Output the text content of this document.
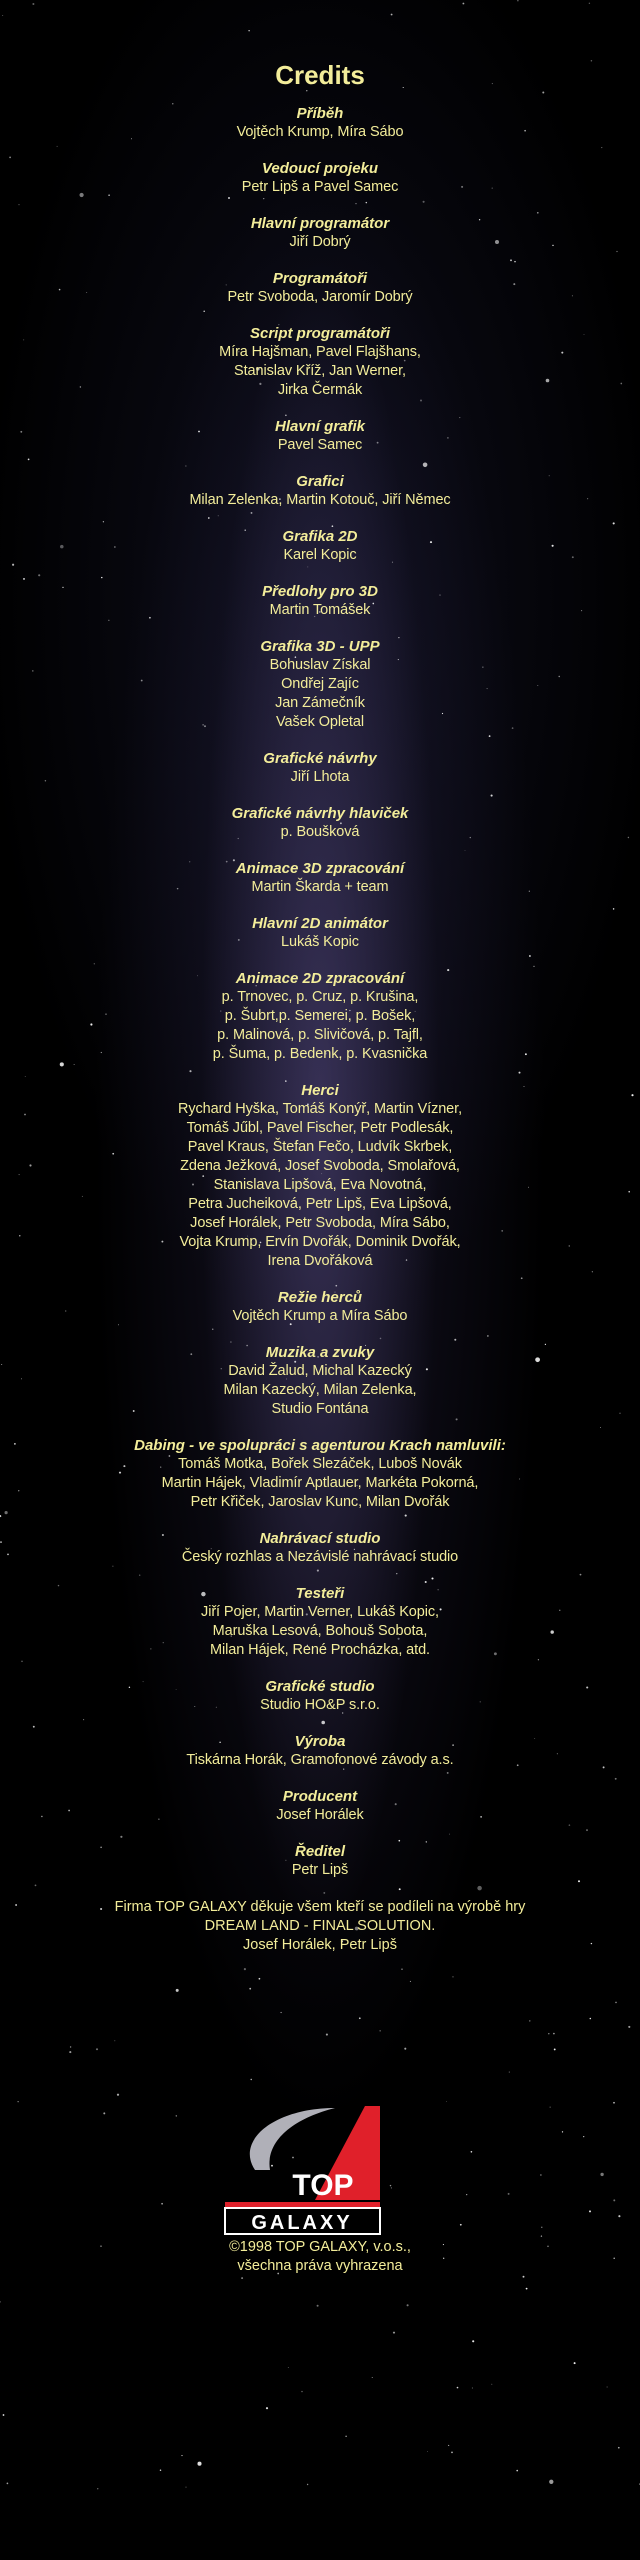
Credits
Příběh
Vojtěch Krump, Míra Sábo
Vedoucí projeku
Petr Lipš a Pavel Samec
Hlavní programátor
Jiří Dobrý
Programátoři
Petr Svoboda, Jaromír Dobrý
Script programátoři
Míra Hajšman, Pavel Flajšhans,
Stanislav Kříž, Jan Werner,
Jirka Čermák
Hlavní grafik
Pavel Samec
Grafici
Milan Zelenka, Martin Kotouč, Jiří Němec
Grafika 2D
Karel Kopic
Předlohy pro 3D
Martin Tomášek
Grafika 3D - UPP
Bohuslav Získal
Ondřej Zajíc
Jan Zámečník
Vašek Opletal
Grafické návrhy
Jiří Lhota
Grafické návrhy hlaviček
p. Boušková
Animace 3D zpracování
Martin Škarda + team
Hlavní 2D animátor
Lukáš Kopic
Animace 2D zpracování
p. Trnovec, p. Cruz, p. Krušina,
p. Šubrt,p. Semerei, p. Bošek,
p. Malinová, p. Slivičová, p. Tajfl,
p. Šuma, p. Bedenk, p. Kvasnička
Herci
Rychard Hyška, Tomáš Konýř, Martin Vízner,
Tomáš Jűbl, Pavel Fischer, Petr Podlesák,
Pavel Kraus, Štefan Fečo, Ludvík Skrbek,
Zdena Ježková, Josef Svoboda, Smolařová,
Stanislava Lipšová, Eva Novotná,
Petra Jucheiková, Petr Lipš, Eva Lipšová,
Josef Horálek, Petr Svoboda, Míra Sábo,
Vojta Krump, Ervín Dvořák, Dominik Dvořák,
Irena Dvořáková
Režie herců
Vojtěch Krump a Míra Sábo
Muzika a zvuky
David Žalud, Michal Kazecký
Milan Kazecký, Milan Zelenka,
Studio Fontána
Dabing - ve spolupráci s agenturou Krach namluvili:
Tomáš Motka, Bořek Slezáček, Luboš Novák
Martin Hájek, Vladimír Aptlauer, Markéta Pokorná,
Petr Křiček, Jaroslav Kunc, Milan Dvořák
Nahrávací studio
Český rozhlas a Nezávislé nahrávací studio
Testeři
Jiří Pojer, Martin Verner, Lukáš Kopic,
Maruška Lesová, Bohouš Sobota,
Milan Hájek, René Procházka, atd.
Grafické studio
Studio HO&P s.r.o.
Výroba
Tiskárna Horák, Gramofonové závody a.s.
Producent
Josef Horálek
Ředitel
Petr Lipš
Firma TOP GALAXY děkuje všem kteří se podíleli na výrobě hry
DREAM LAND - FINAL SOLUTION.
Josef Horálek, Petr Lipš
TOP
GALAXY
©1998 TOP GALAXY, v.o.s.,
všechna práva vyhrazena
